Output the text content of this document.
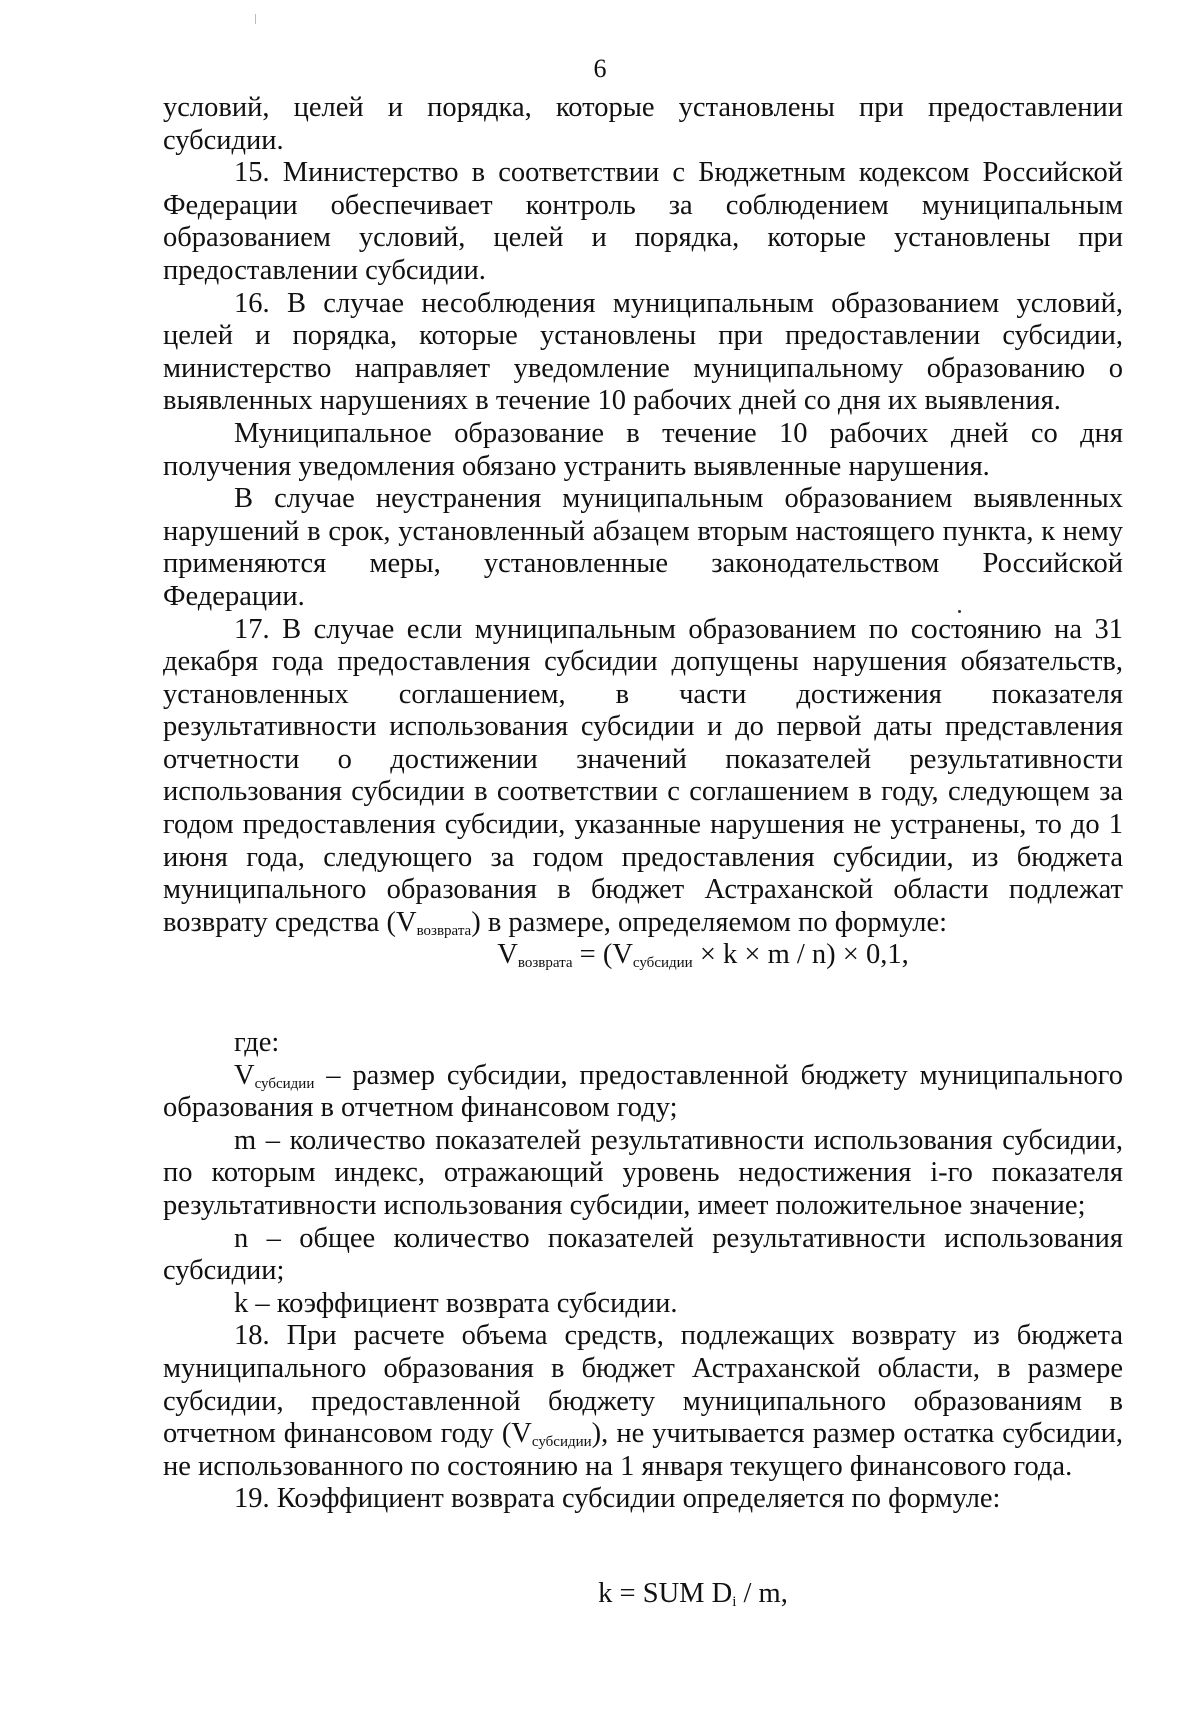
6

условий, целей и порядка, которые установлены при предоставлении субсидии.

15. Министерство в соответствии с Бюджетным кодексом Российской Федерации обеспечивает контроль за соблюдением муниципальным образованием условий, целей и порядка, которые установлены при предоставлении субсидии.

16. В случае несоблюдения муниципальным образованием условий, целей и порядка, которые установлены при предоставлении субсидии, министерство направляет уведомление муниципальному образованию о выявленных нарушениях в течение 10 рабочих дней со дня их выявления.

Муниципальное образование в течение 10 рабочих дней со дня получения уведомления обязано устранить выявленные нарушения.

В случае неустранения муниципальным образованием выявленных нарушений в срок, установленный абзацем вторым настоящего пункта, к нему применяются меры, установленные законодательством Российской Федерации.

17. В случае если муниципальным образованием по состоянию на 31 декабря года предоставления субсидии допущены нарушения обязательств, установленных соглашением, в части достижения показателя результативности использования субсидии и до первой даты представления отчетности о достижении значений показателей результативности использования субсидии в соответствии с соглашением в году, следующем за годом предоставления субсидии, указанные нарушения не устранены, то до 1 июня года, следующего за годом предоставления субсидии, из бюджета муниципального образования в бюджет Астраханской области подлежат возврату средства $(V_{возврата})$ в размере, определяемом по формуле:

$V_{возврата} = (V_{субсидии} \times k \times m / n) \times 0,1$,

где:

$V_{субсидии}$ – размер субсидии, предоставленной бюджету муниципального образования в отчетном финансовом году;

m – количество показателей результативности использования субсидии, по которым индекс, отражающий уровень недостижения i-го показателя результативности использования субсидии, имеет положительное значение;

n – общее количество показателей результативности использования субсидии;

k – коэффициент возврата субсидии.

18. При расчете объема средств, подлежащих возврату из бюджета муниципального образования в бюджет Астраханской области, в размере субсидии, предоставленной бюджету муниципального образованиям в отчетном финансовом году $(V_{субсидии})$, не учитывается размер остатка субсидии, не использованного по состоянию на 1 января текущего финансового года.

19. Коэффициент возврата субсидии определяется по формуле:

k = SUM $D_i$ / m,
